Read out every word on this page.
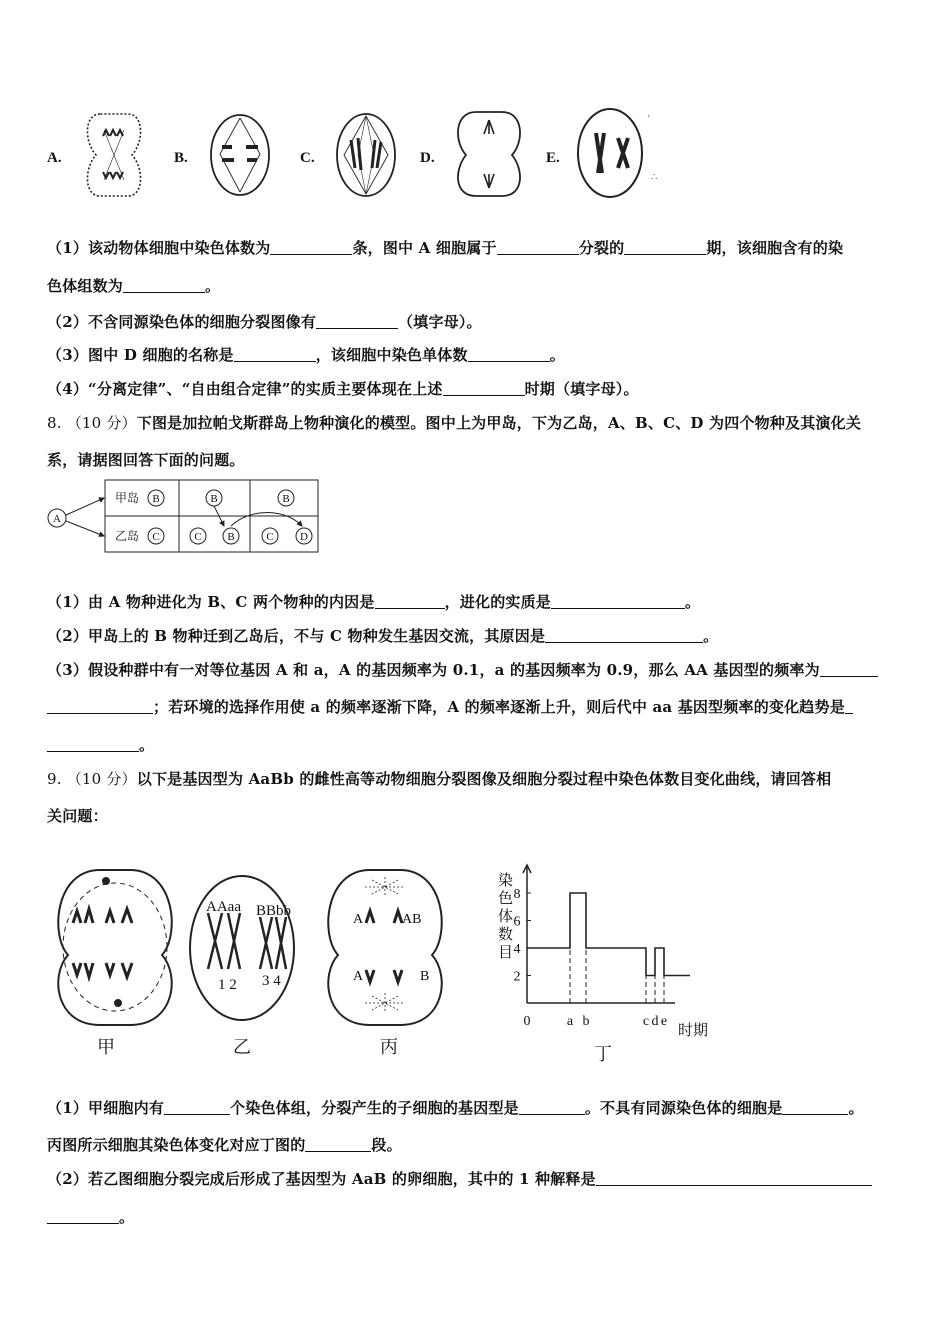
A.	B.	C.	D.	E.
'
∴
（1）该动物体细胞中染色体数为	条，图中 A 细胞属于	分裂的	期，该细胞含有的染
色体组数为	。
（2）不含同源染色体的细胞分裂图像有	（填字母）。
（3）图中 D 细胞的名称是	，该细胞中染色单体数	。
（4）“分离定律”、“自由组合定律”的实质主要体现在上述	时期（填字母）。
8. （10 分）下图是加拉帕戈斯群岛上物种演化的模型。图中上为甲岛，下为乙岛，A、B、C、D 为四个物种及其演化关
系，请据图回答下面的问题。
A
甲岛
乙岛
B	B	B
C	C B	C D
（1）由 A 物种进化为 B、C 两个物种的内因是	，进化的实质是	。
（2）甲岛上的 B 物种迁到乙岛后，不与 C 物种发生基因交流，其原因是	。
（3）假设种群中有一对等位基因 A 和 a，A 的基因频率为 0.1，a 的基因频率为 0.9，那么 AA 基因型的频率为
；若环境的选择作用使 a 的频率逐渐下降，A 的频率逐渐上升，则后代中 aa 基因型频率的变化趋势是
。
9. （10 分）以下是基因型为 AaBb 的雌性高等动物细胞分裂图像及细胞分裂过程中染色体数目变化曲线，请回答相
关问题：
AAaa BBbb
1 2 3 4
A	AB
A	B	2
4
6
8
0	a b	c d e
染
色
体
数
目
时期
甲	乙	丙	丁
（1）甲细胞内有	个染色体组，分裂产生的子细胞的基因型是	。不具有同源染色体的细胞是	。
丙图所示细胞其染色体变化对应丁图的	段。
（2）若乙图细胞分裂完成后形成了基因型为 AaB 的卵细胞，其中的 1 种解释是
。
